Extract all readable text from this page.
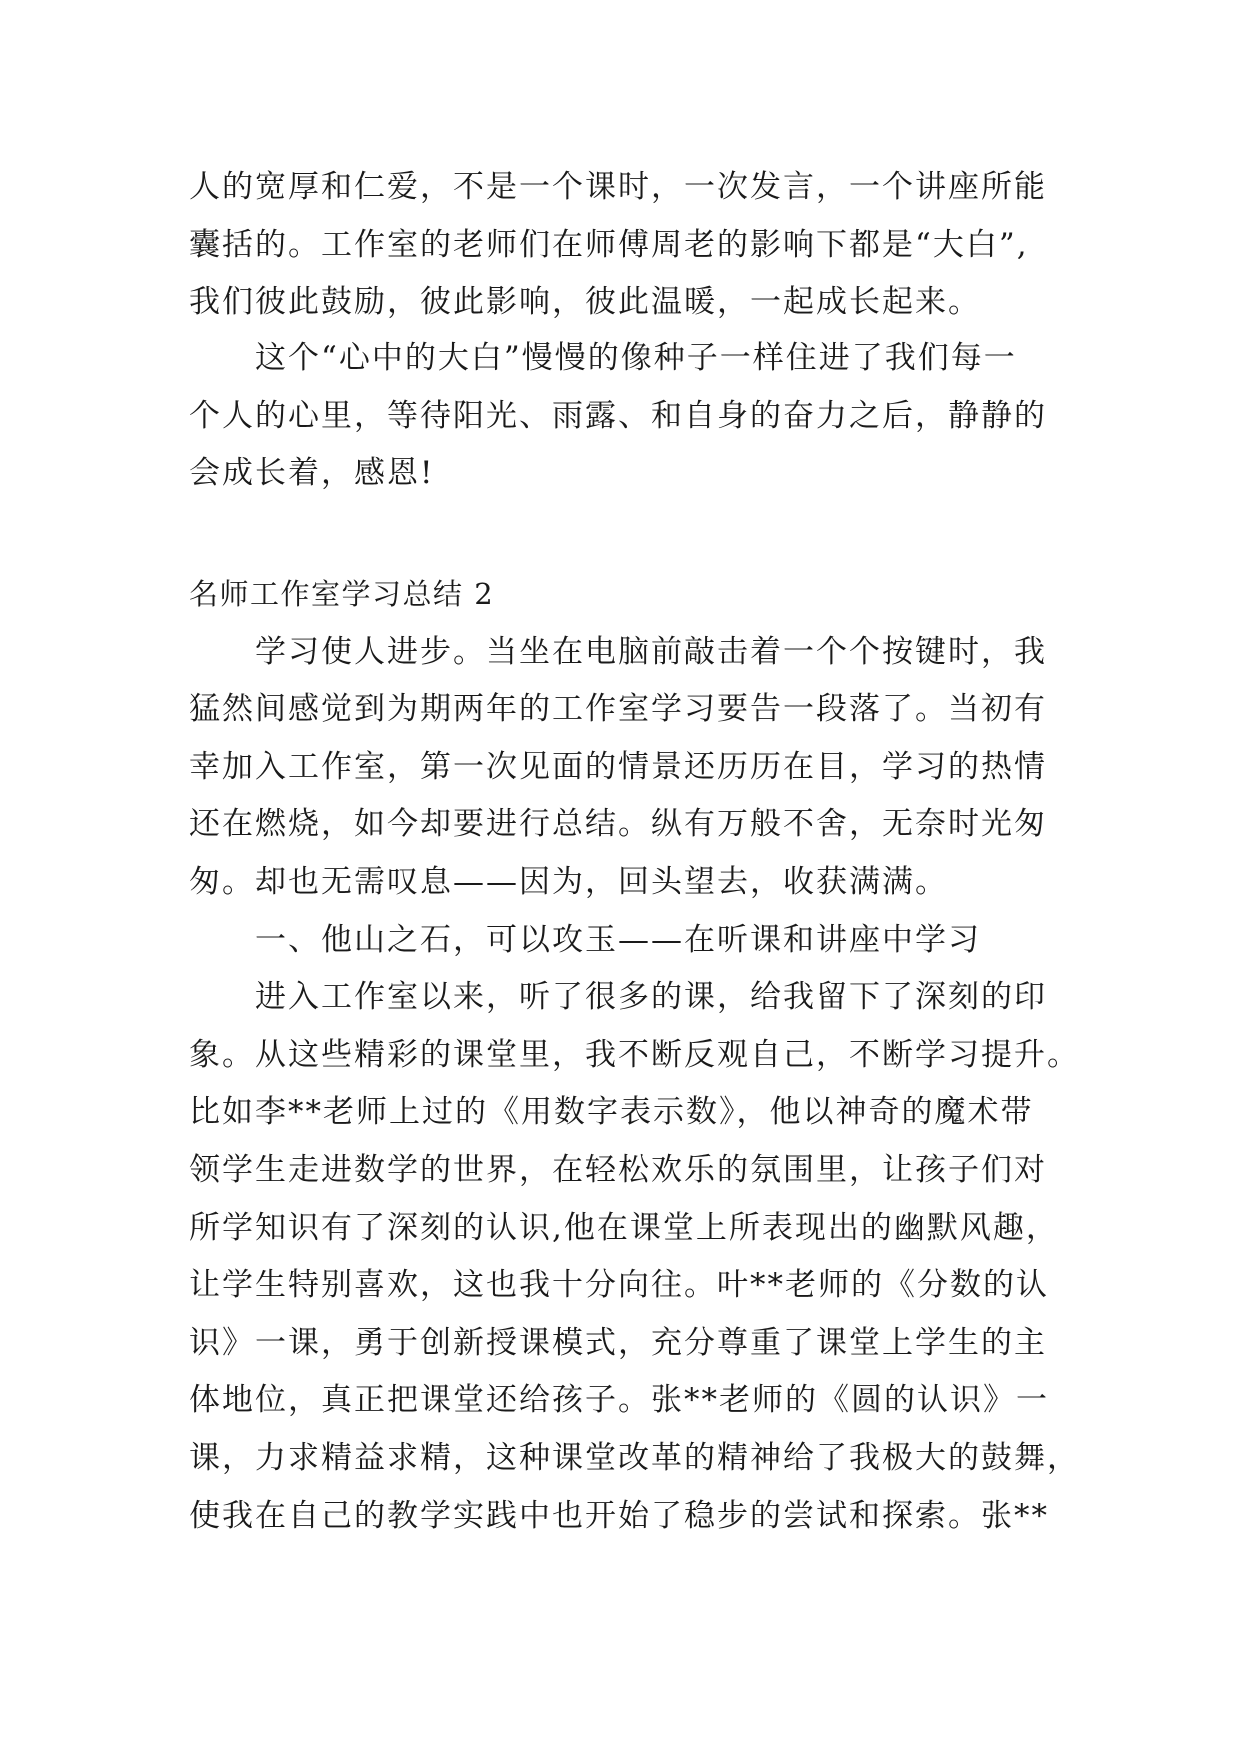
人的宽厚和仁爱，不是一个课时，一次发言，一个讲座所能
囊括的。工作室的老师们在师傅周老的影响下都是“大白”,
我们彼此鼓励，彼此影响，彼此温暖，一起成长起来。
这个“心中的大白”慢慢的像种子一样住进了我们每一
个人的心里，等待阳光、雨露、和自身的奋力之后，静静的
会成长着，感恩!
名师工作室学习总结 2
学习使人进步。当坐在电脑前敲击着一个个按键时，我
猛然间感觉到为期两年的工作室学习要告一段落了。当初有
幸加入工作室，第一次见面的情景还历历在目，学习的热情
还在燃烧，如今却要进行总结。纵有万般不舍，无奈时光匆
匆。却也无需叹息——因为，回头望去，收获满满。
一、他山之石，可以攻玉——在听课和讲座中学习
进入工作室以来，听了很多的课，给我留下了深刻的印
象。从这些精彩的课堂里，我不断反观自己，不断学习提升。
比如李**老师上过的《用数字表示数》，他以神奇的魔术带
领学生走进数学的世界，在轻松欢乐的氛围里，让孩子们对
所学知识有了深刻的认识,他在课堂上所表现出的幽默风趣，
让学生特别喜欢，这也我十分向往。叶**老师的《分数的认
识》一课，勇于创新授课模式，充分尊重了课堂上学生的主
体地位，真正把课堂还给孩子。张**老师的《圆的认识》一
课，力求精益求精，这种课堂改革的精神给了我极大的鼓舞，
使我在自己的教学实践中也开始了稳步的尝试和探索。张**
